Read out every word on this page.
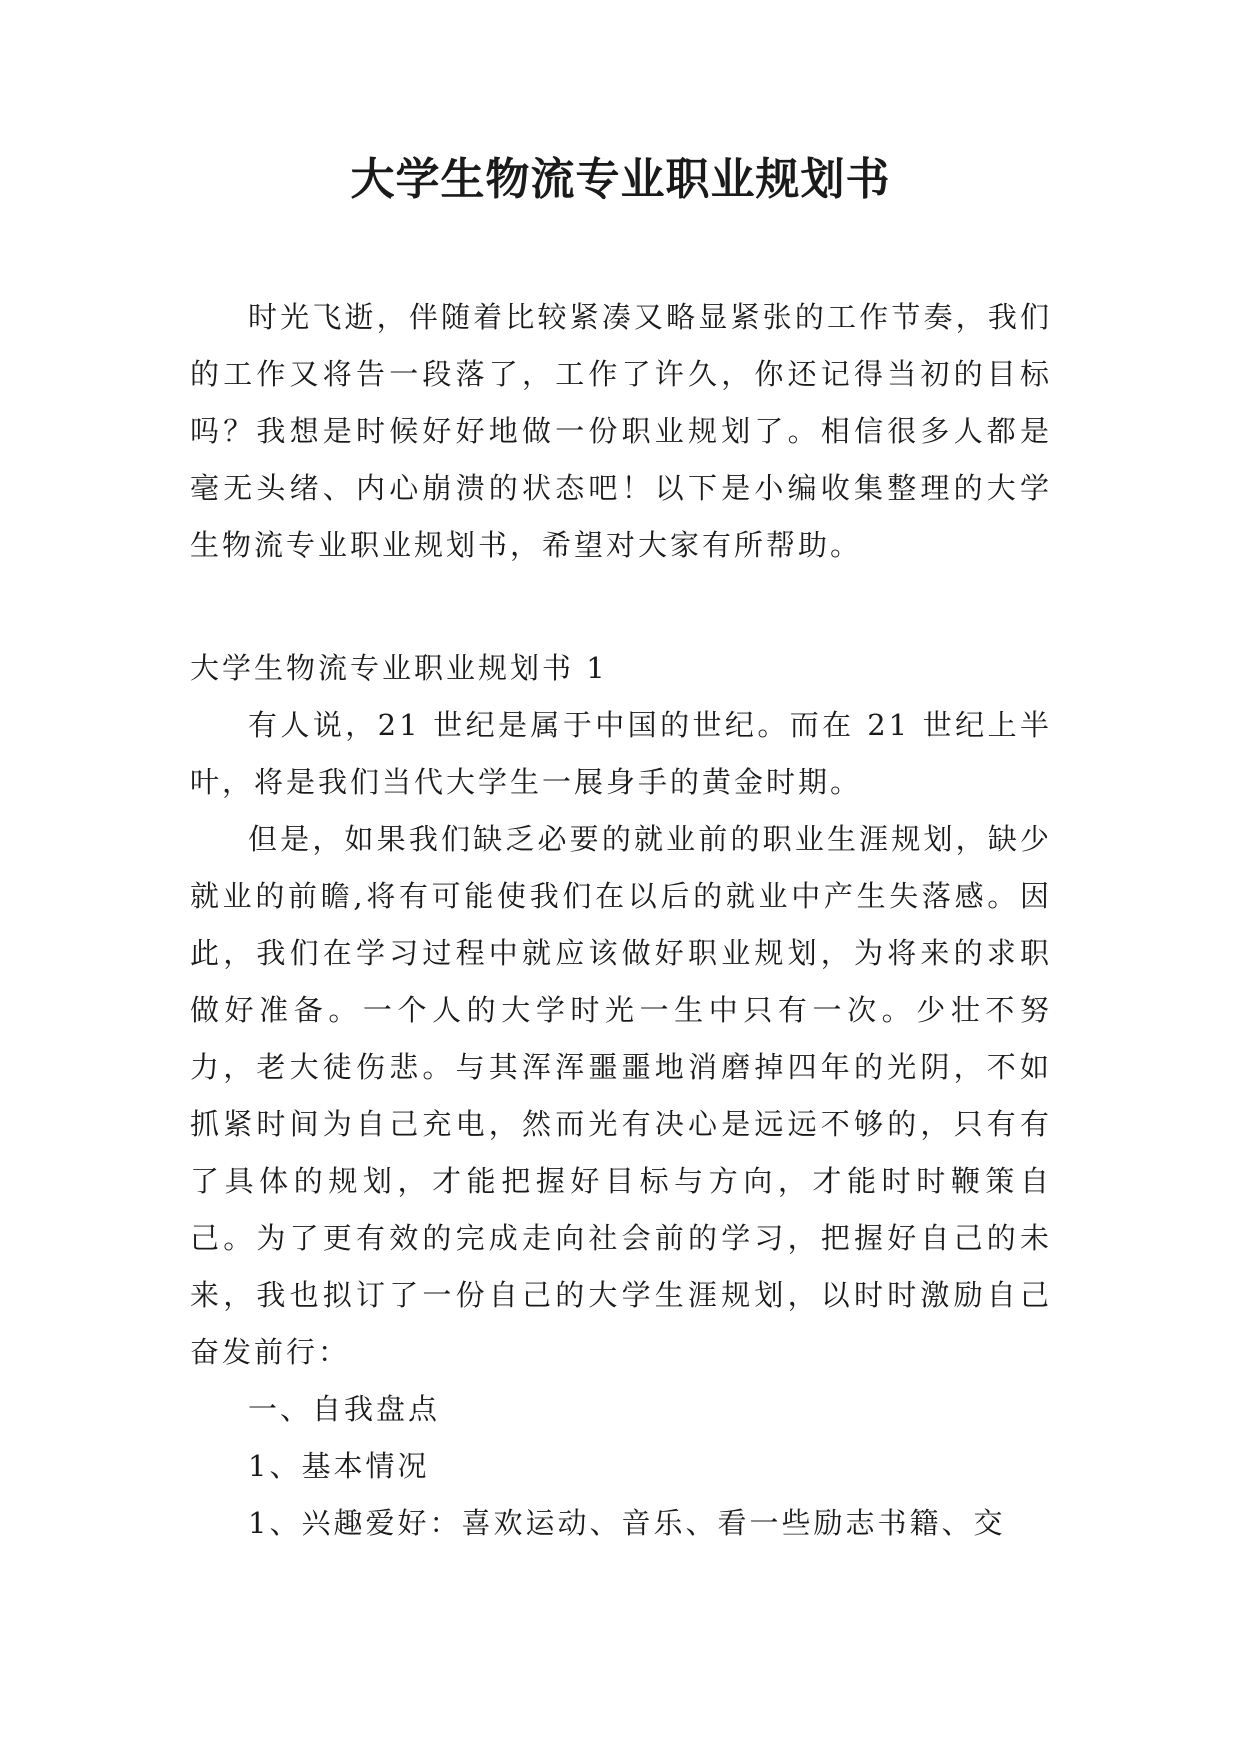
大学生物流专业职业规划书

时光飞逝，伴随着比较紧凑又略显紧张的工作节奏，我们的工作又将告一段落了，工作了许久，你还记得当初的目标吗？我想是时候好好地做一份职业规划了。相信很多人都是毫无头绪、内心崩溃的状态吧！以下是小编收集整理的大学生物流专业职业规划书，希望对大家有所帮助。

大学生物流专业职业规划书 1

有人说，21 世纪是属于中国的世纪。而在 21 世纪上半叶，将是我们当代大学生一展身手的黄金时期。

但是，如果我们缺乏必要的就业前的职业生涯规划，缺少就业的前瞻,将有可能使我们在以后的就业中产生失落感。因此，我们在学习过程中就应该做好职业规划，为将来的求职做好准备。一个人的大学时光一生中只有一次。少壮不努力，老大徒伤悲。与其浑浑噩噩地消磨掉四年的光阴，不如抓紧时间为自己充电，然而光有决心是远远不够的，只有有了具体的规划，才能把握好目标与方向，才能时时鞭策自己。为了更有效的完成走向社会前的学习，把握好自己的未来，我也拟订了一份自己的大学生涯规划，以时时激励自己奋发前行：

一、自我盘点

1、基本情况

1、兴趣爱好：喜欢运动、音乐、看一些励志书籍、交
